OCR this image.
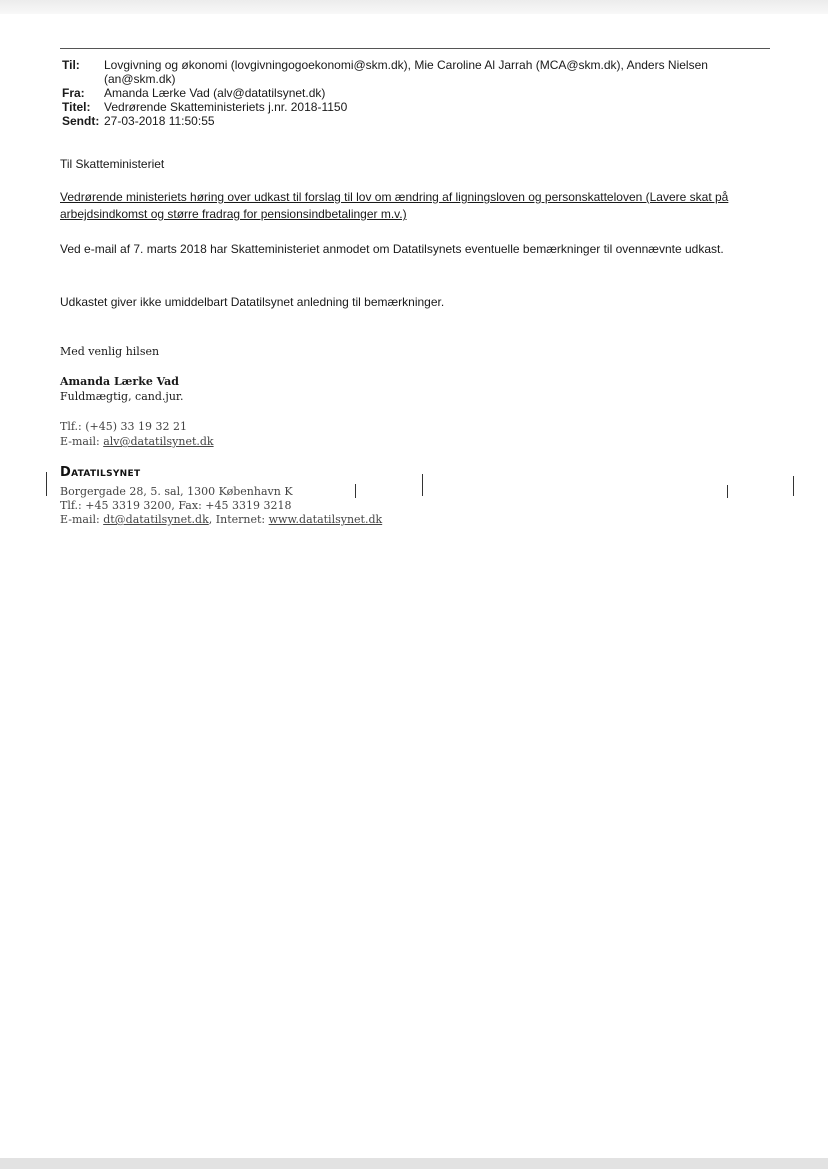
Til:	Lovgivning og økonomi (lovgivningogoekonomi@skm.dk), Mie Caroline Al Jarrah (MCA@skm.dk), Anders Nielsen (an@skm.dk)
Fra:	Amanda Lærke Vad (alv@datatilsynet.dk)
Titel:	Vedrørende Skatteministeriets j.nr. 2018-1150
Sendt: 27-03-2018 11:50:55
Til Skatteministeriet
Vedrørende ministeriets høring over udkast til forslag til lov om ændring af ligningsloven og personskatteloven (Lavere skat på arbejdsindkomst og større fradrag for pensionsindbetalinger m.v.)
Ved e-mail af 7. marts 2018 har Skatteministeriet anmodet om Datatilsynets eventuelle bemærkninger til ovennævnte udkast.
Udkastet giver ikke umiddelbart Datatilsynet anledning til bemærkninger.
Med venlig hilsen
Amanda Lærke Vad
Fuldmægtig, cand.jur.
Tlf.: (+45) 33 19 32 21
E-mail: alv@datatilsynet.dk
Datatilsynet
Borgergade 28, 5. sal, 1300 København K
Tlf.: +45 3319 3200, Fax: +45 3319 3218
E-mail: dt@datatilsynet.dk, Internet: www.datatilsynet.dk
